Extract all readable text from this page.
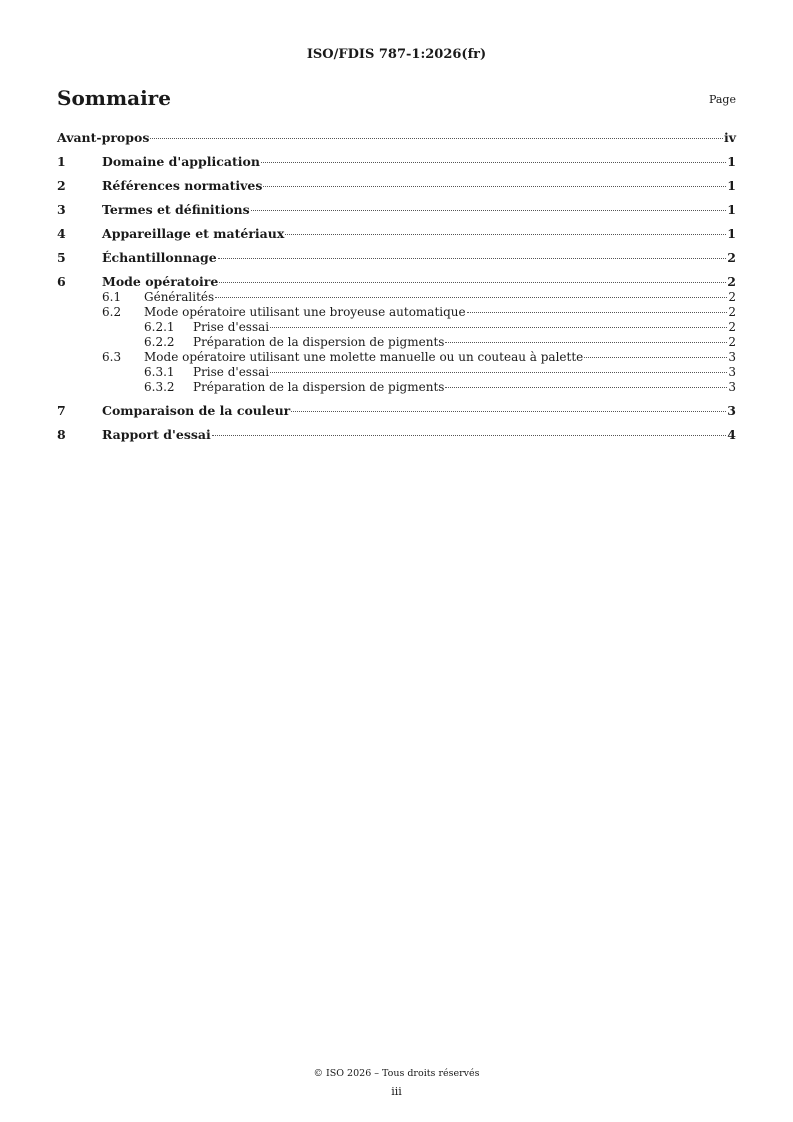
ISO/FDIS 787-1:2026(fr)
Sommaire	Page
Avant-propos	iv
1	Domaine d'application	1
2	Références normatives	1
3	Termes et définitions	1
4	Appareillage et matériaux	1
5	Échantillonnage	2
6	Mode opératoire	2
6.1	Généralités	2
6.2	Mode opératoire utilisant une broyeuse automatique	2
6.2.1	Prise d'essai	2
6.2.2	Préparation de la dispersion de pigments	2
6.3	Mode opératoire utilisant une molette manuelle ou un couteau à palette	3
6.3.1	Prise d'essai	3
6.3.2	Préparation de la dispersion de pigments	3
7	Comparaison de la couleur	3
8	Rapport d'essai	4
© ISO 2026 – Tous droits réservés
iii
